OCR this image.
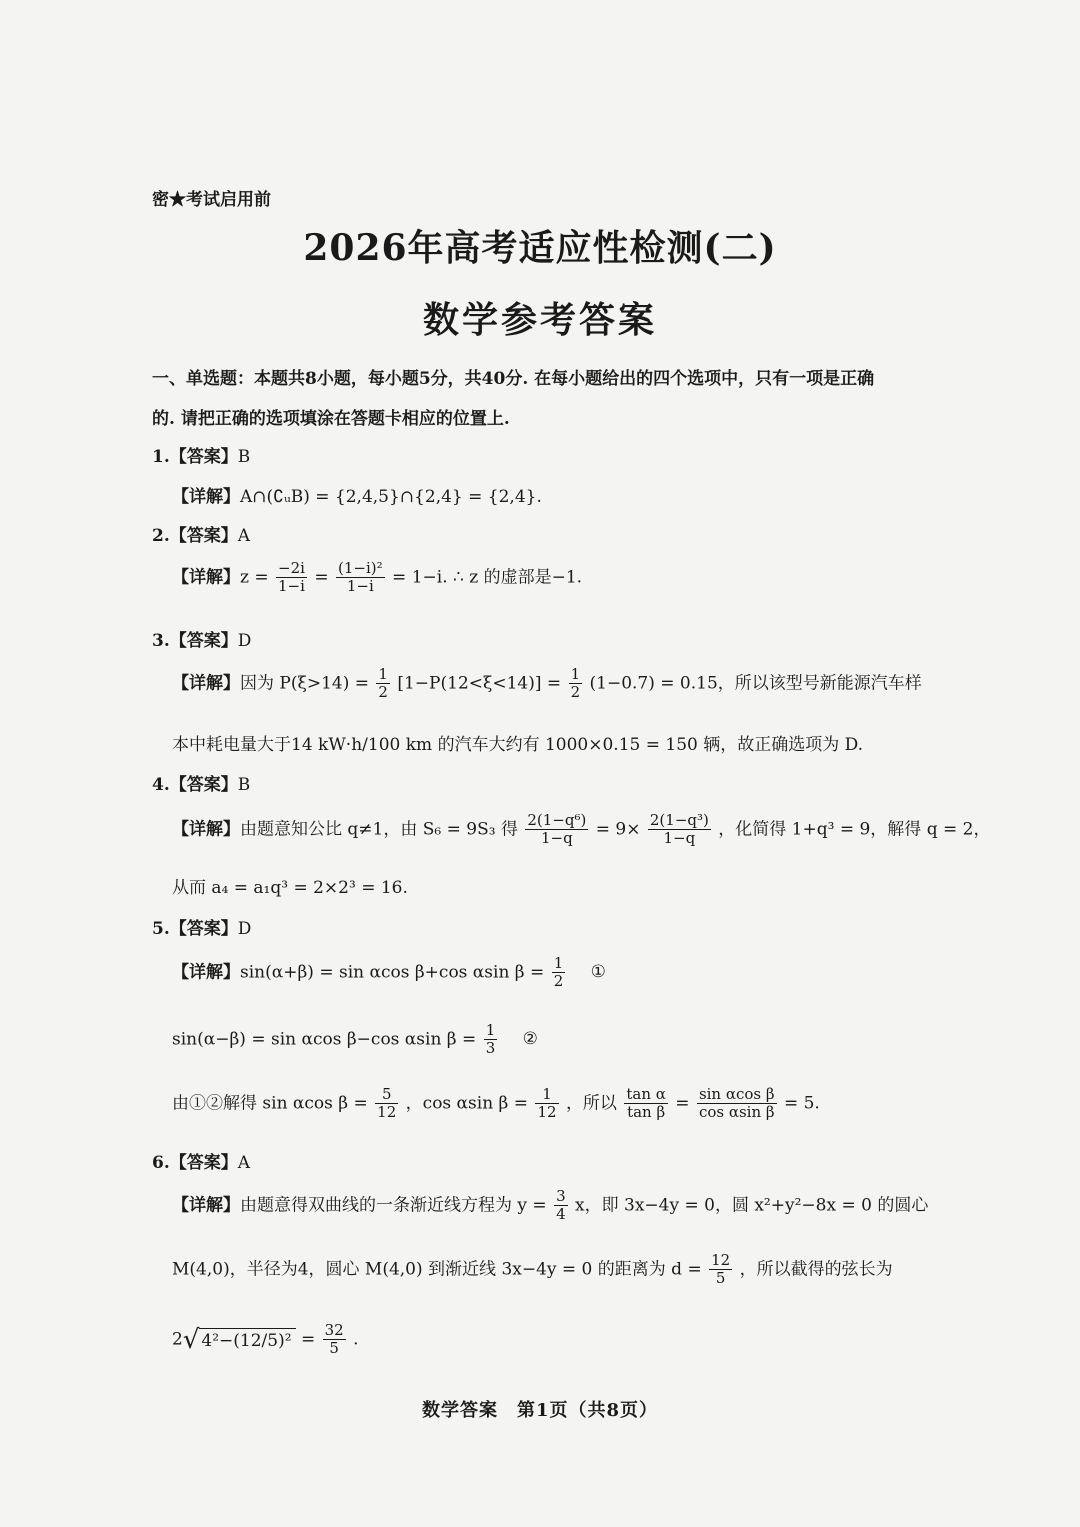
密★考试启用前
2026年高考适应性检测(二)
数学参考答案
一、单选题：本题共8小题，每小题5分，共40分. 在每小题给出的四个选项中，只有一项是正确
的. 请把正确的选项填涂在答题卡相应的位置上.
1.【答案】B
【详解】A∩(∁ᵤB) = {2,4,5}∩{2,4} = {2,4}.
2.【答案】A
【详解】$z = \frac{-2i}{1-i} = \frac{\text{(1−i)²}}{1-i} = 1-i$. ∴ z 的虚部是−1.
3.【答案】D
【详解】因为 $P(\xi>14) = \frac{1}{2} [1-P(12<\xi<14)] = \frac{1}{2} (1-0.7) = 0.15$，所以该型号新能源汽车样
本中耗电量大于14 kW·h/100 km 的汽车大约有 1000×0.15 = 150 辆，故正确选项为 D.
4.【答案】B
【详解】由题意知公比 q≠1，由 S₆ = 9S₃ 得 $\frac{\text{2(1−q⁶)}}{1-q} = 9\times \frac{\text{2(1−q³)}}{1-q}$ ，化简得 1+q³ = 9，解得 q = 2，
从而 a₄ = a₁q³ = 2×2³ = 16.
5.【答案】D
【详解】sin(α+β) = sin αcos β+cos αsin $\beta = \frac{1}{2}$ ①
sin(α−β) = sin αcos β−cos αsin $\beta = \frac{1}{3}$ ②
由①②解得 sin αcos $\beta = \frac{5}{12}$ ，cos αsin $\beta = \frac{1}{12}$ ，所以 $\frac{\text{tan α}}{\text{tan β}} = \frac{\text{sin αcos β}}{\text{cos αsin β}} = 5$.
6.【答案】A
【详解】由题意得双曲线的一条渐近线方程为 $y = \frac{3}{4}$ x，即 3x−4y = 0，圆 x²+y²−8x = 0 的圆心
M(4,0)，半径为4，圆心 M(4,0) 到渐近线 3x−4y = 0 的距离为 $d = \frac{12}{5}$ ，所以截得的弦长为
2√ $4^2-(12/5)^2 = \frac{32}{5}$ .
数学答案　第1页（共8页）
